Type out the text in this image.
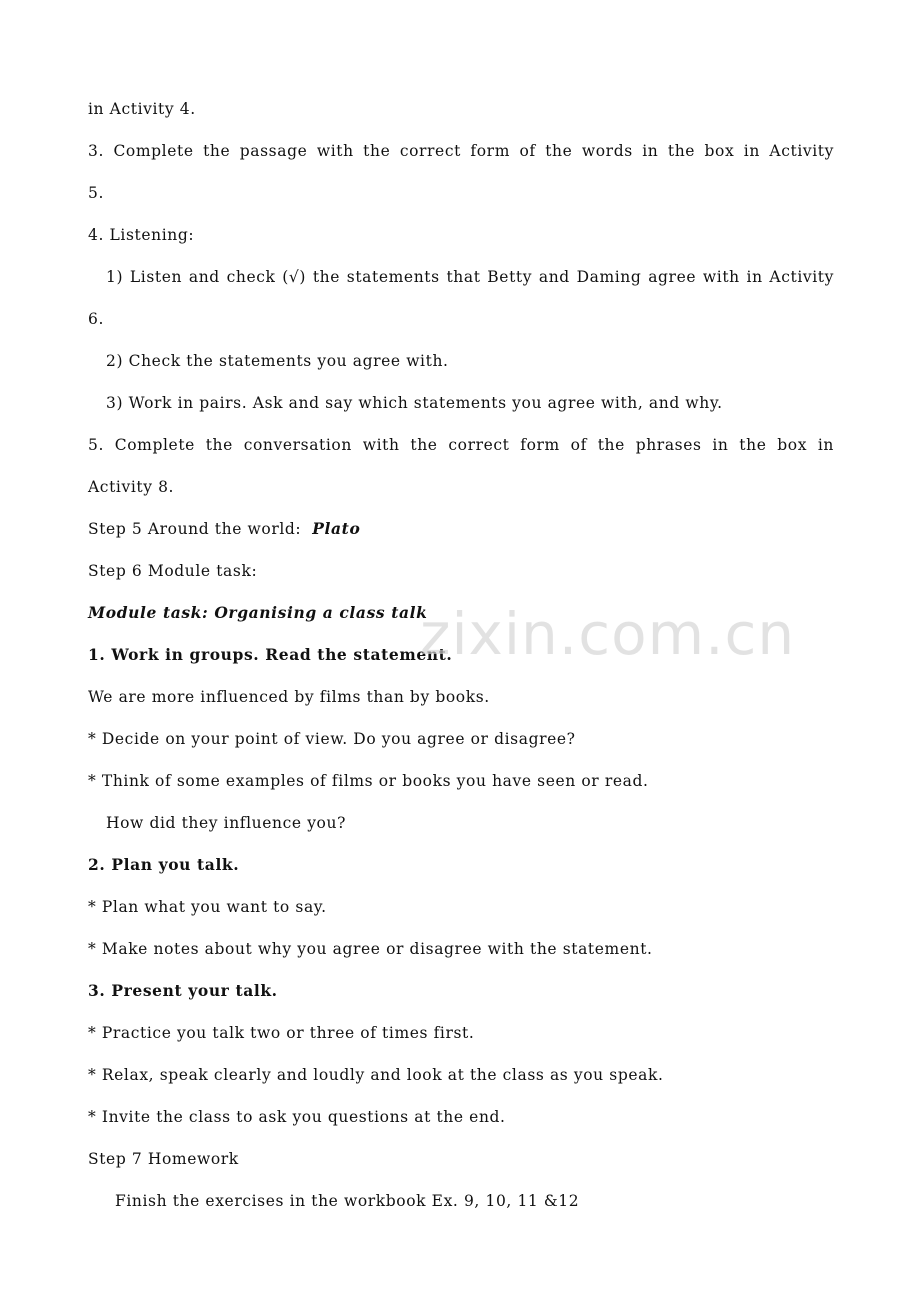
in Activity 4.
3. Complete the passage with the correct form of the words in the box in Activity
5.
4. Listening:
1) Listen and check (√) the statements that Betty and Daming agree with in Activity
6.
2) Check the statements you agree with.
3) Work in pairs. Ask and say which statements you agree with, and why.
5. Complete the conversation with the correct form of the phrases in the box in
Activity 8.
Step 5 Around the world:  Plato
Step 6 Module task:
Module task: Organising a class talk
1. Work in groups. Read the statement.
We are more influenced by films than by books.
* Decide on your point of view. Do you agree or disagree?
* Think of some examples of films or books you have seen or read.
How did they influence you?
2. Plan you talk.
* Plan what you want to say.
* Make notes about why you agree or disagree with the statement.
3. Present your talk.
* Practice you talk two or three of times first.
* Relax, speak clearly and loudly and look at the class as you speak.
* Invite the class to ask you questions at the end.
Step 7 Homework
Finish the exercises in the workbook Ex. 9, 10, 11 &12
zixin.com.cn
